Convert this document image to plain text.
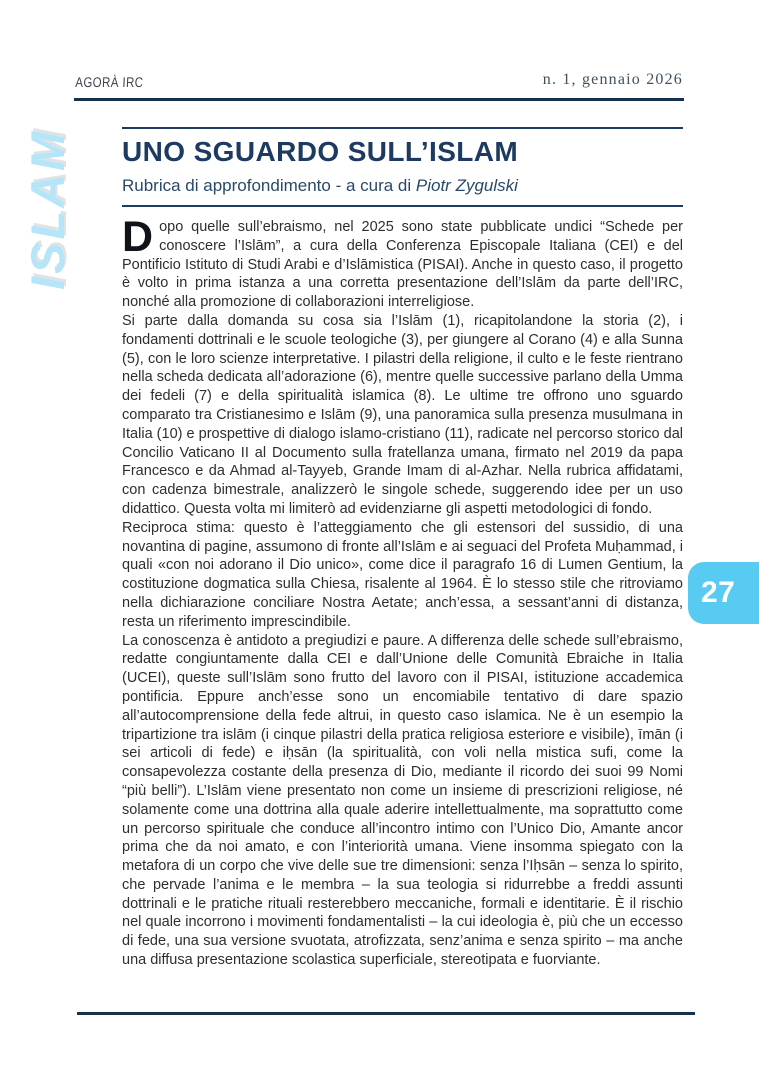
AGORÀ IRC	n. 1, gennaio 2026
ISLAM UNO SGUARDO SULL’ISLAM

Rubrica di approfondimento - a cura di Piotr Zygulski

Dopo quelle sull’ebraismo, nel 2025 sono state pubblicate undici “Schede per conoscere l’Islām”, a cura della Conferenza Episcopale Italiana (CEI) e del Pontificio Istituto di Studi Arabi e d’Islāmistica (PISAI). Anche in questo caso, il progetto è volto in prima istanza a una corretta presentazione dell’Islām da parte dell’IRC, nonché alla promozione di collaborazioni interreligiose.

Si parte dalla domanda su cosa sia l’Islām (1), ricapitolandone la storia (2), i fondamenti dottrinali e le scuole teologiche (3), per giungere al Corano (4) e alla Sunna (5), con le loro scienze interpretative. I pilastri della religione, il culto e le feste rientrano nella scheda dedicata all’adorazione (6), mentre quelle successive parlano della Umma dei fedeli (7) e della spiritualità islamica (8). Le ultime tre offrono uno sguardo comparato tra Cristianesimo e Islām (9), una panoramica sulla presenza musulmana in Italia (10) e prospettive di dialogo islamo-cristiano (11), radicate nel percorso storico dal Concilio Vaticano II al Documento sulla fratellanza umana, firmato nel 2019 da papa Francesco e da Ahmad al-Tayyeb, Grande Imam di al-Azhar. Nella rubrica affidatami, con cadenza bimestrale, analizzerò le singole schede, suggerendo idee per un uso didattico. Questa volta mi limiterò ad evidenziarne gli aspetti metodologici di fondo.

Reciproca stima: questo è l’atteggiamento che gli estensori del sussidio, di una novantina di pagine, assumono di fronte all’Islām e ai seguaci del Profeta Muḥammad, i quali «con noi adorano il Dio unico», come dice il paragrafo 16 di Lumen Gentium, la costituzione dogmatica sulla Chiesa, risalente al 1964. È lo stesso stile che ritroviamo nella dichiarazione conciliare Nostra Aetate; anch’essa, a sessant’anni di distanza, resta un riferimento imprescindibile.

La conoscenza è antidoto a pregiudizi e paure. A differenza delle schede sull’ebraismo, redatte congiuntamente dalla CEI e dall’Unione delle Comunità Ebraiche in Italia (UCEI), queste sull’Islām sono frutto del lavoro con il PISAI, istituzione accademica pontificia. Eppure anch’esse sono un encomiabile tentativo di dare spazio all’autocomprensione della fede altrui, in questo caso islamica. Ne è un esempio la tripartizione tra islām (i cinque pilastri della pratica religiosa esteriore e visibile), īmān (i sei articoli di fede) e iḥsān (la spiritualità, con voli nella mistica sufi, come la consapevolezza costante della presenza di Dio, mediante il ricordo dei suoi 99 Nomi “più belli”). L’Islām viene presentato non come un insieme di prescrizioni religiose, né solamente come una dottrina alla quale aderire intellettualmente, ma soprattutto come un percorso spirituale che conduce all’incontro intimo con l’Unico Dio, Amante ancor prima che da noi amato, e con l’interiorità umana. Viene insomma spiegato con la metafora di un corpo che vive delle sue tre dimensioni: senza l’Iḥsān – senza lo spirito, che pervade l’anima e le membra – la sua teologia si ridurrebbe a freddi assunti dottrinali e le pratiche rituali resterebbero meccaniche, formali e identitarie. È il rischio nel quale incorrono i movimenti fondamentalisti – la cui ideologia è, più che un eccesso di fede, una sua versione svuotata, atrofizzata, senz’anima e senza spirito – ma anche una diffusa presentazione scolastica superficiale, stereotipata e fuorviante.

27
